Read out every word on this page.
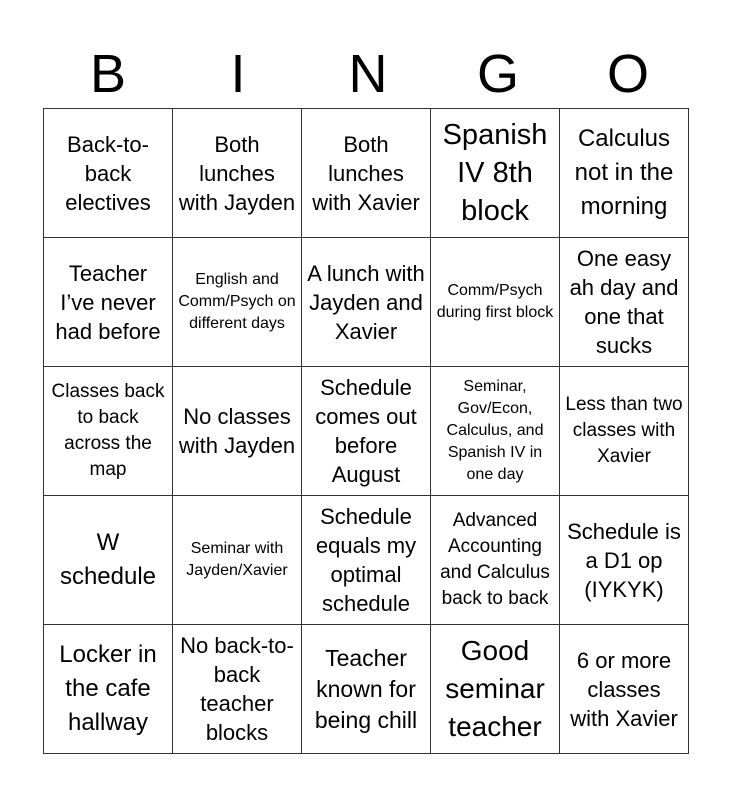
B	I	N	G	O
Back-to-back electives	Both lunches with Jayden	Both lunches with Xavier	Spanish IV 8th block	Calculus not in the morning
Teacher I’ve never had before	English and Comm/Psych on different days	A lunch with Jayden and Xavier	Comm/Psych during first block	One easy ah day and one that sucks
Classes back to back across the map	No classes with Jayden	Schedule comes out before August	Seminar, Gov/Econ, Calculus, and Spanish IV in one day	Less than two classes with Xavier
W schedule	Seminar with Jayden/Xavier	Schedule equals my optimal schedule	Advanced Accounting and Calculus back to back	Schedule is a D1 op (IYKYK)
Locker in the cafe hallway	No back-to-back teacher blocks	Teacher known for being chill	Good seminar teacher	6 or more classes with Xavier
